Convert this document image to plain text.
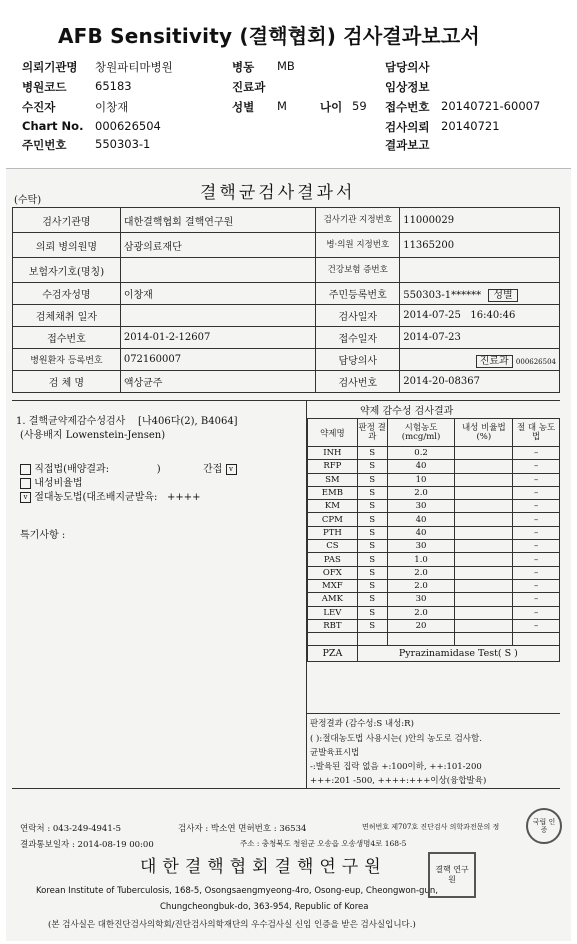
AFB Sensitivity (결핵협회) 검사결과보고서
의뢰기관명 창원파티마병원	병동 MB	담당의사
병원코드 65183	진료과	임상정보
수진자	이창재	성별 M	나이 59 접수번호 20140721-60007
Chart No. 000626504	검사의뢰 20140721
주민번호 550303-1	결과보고
(수탁)	결핵균검사결과서
검사기관명	대한결핵협회 결핵연구원	검사기관 지정번호	11000029
의뢰 병의원명	삼광의료재단	병·의원 지정번호	11365200
보험자기호(명칭)		건강보험 증번호	
수검자성명	이창재	주민등록번호	550303-1****** 성별
검체채취 일자		검사일자	2014-07-25 16:40:46
접수번호	2014-01-2-12607	접수일자	2014-07-23
병원환자 등록번호	072160007	담당의사	진료과 000626504
검 체 명	액상균주	검사번호	2014-20-08367
1. 결핵균약제감수성검사 [나406다(2), B4064]
(사용배지 Lowenstein-Jensen)
직접법(배양결과:	)	간접 v
내성비율법
v 절대농도법(대조배지균발육: ++++
특기사항 :
약제 감수성 검사결과
약제명	판정 결과	시험농도 (mcg/ml)	내성 비율법(%)	절 대 농도법
INH	S	0.2		–
RFP	S	40		–
SM	S	10		–
EMB	S	2.0		–
KM	S	30		–
CPM	S	40		–
PTH	S	40		–
CS	S	30		–
PAS	S	1.0		–
OFX	S	2.0		–
MXF	S	2.0		–
AMK	S	30		–
LEV	S	2.0		–
RBT	S	20		–

PZA	Pyrazinamidase Test( S )			
판정결과 (감수성:S 내성:R)
( ):절대농도법 사용시는( )안의 농도로 검사함.
균발육표시법
-:발육된 집락 없음 +:100이하, ++:101-200
+++:201 -500, ++++:+++이상(융합발육)
연락처 : 043-249-4941-5	검사자 : 박소연 면허번호 : 36534	면허번호 제707호 진단검사 의학과전문의 정
결과통보일자 : 2014-08-19 00:00	주소 : 충청북도 청원군 오송읍 오송생명4로 168-5
대한결핵협회결핵연구원
Korean Institute of Tuberculosis, 168-5, Osongsaengmyeong-4ro, Osong-eup, Cheongwon-gun,
Chungcheongbuk-do, 363-954, Republic of Korea
(본 검사실은 대한진단검사의학회/진단검사의학재단의 우수검사실 신임 인증을 받은 검사실입니다.)
국립 인증
결핵 연구원
